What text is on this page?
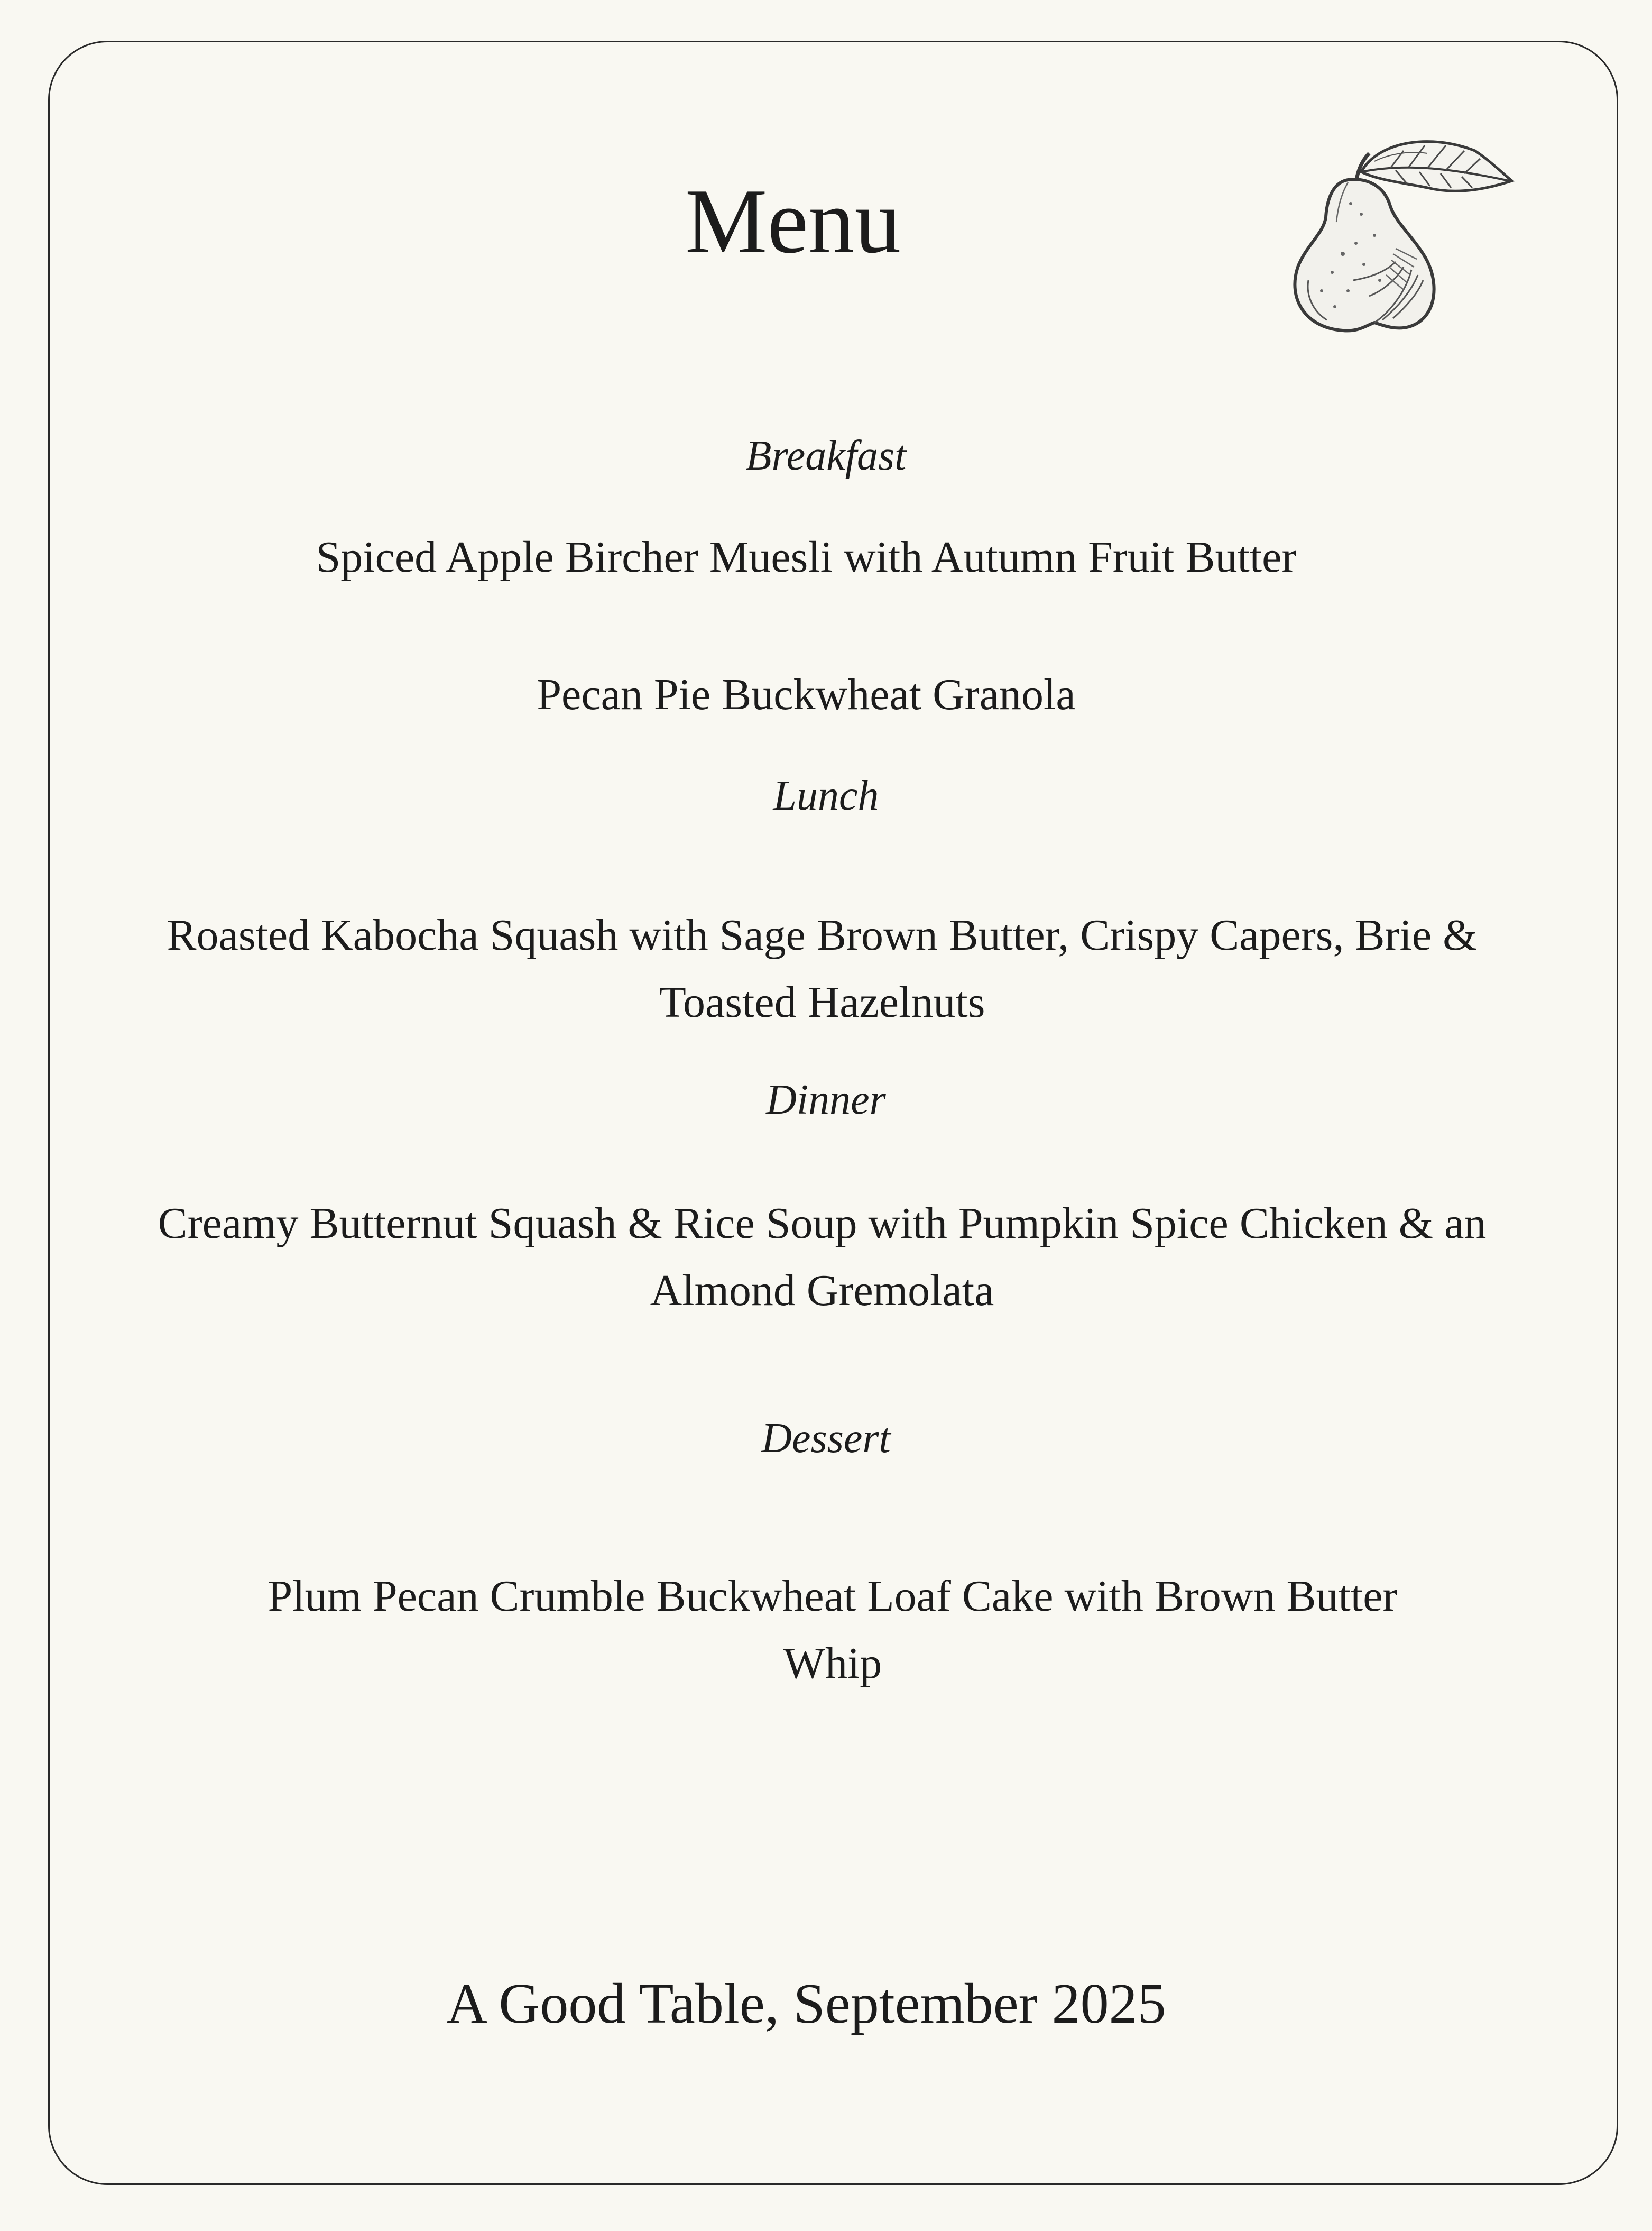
Menu
Breakfast
Spiced Apple Bircher Muesli with Autumn Fruit Butter
Pecan Pie Buckwheat Granola
Lunch
Roasted Kabocha Squash with Sage Brown Butter, Crispy Capers, Brie & Toasted Hazelnuts
Dinner
Creamy Butternut Squash & Rice Soup with Pumpkin Spice Chicken & an Almond Gremolata
Dessert
Plum Pecan Crumble Buckwheat Loaf Cake with Brown Butter Whip
A Good Table, September 2025
